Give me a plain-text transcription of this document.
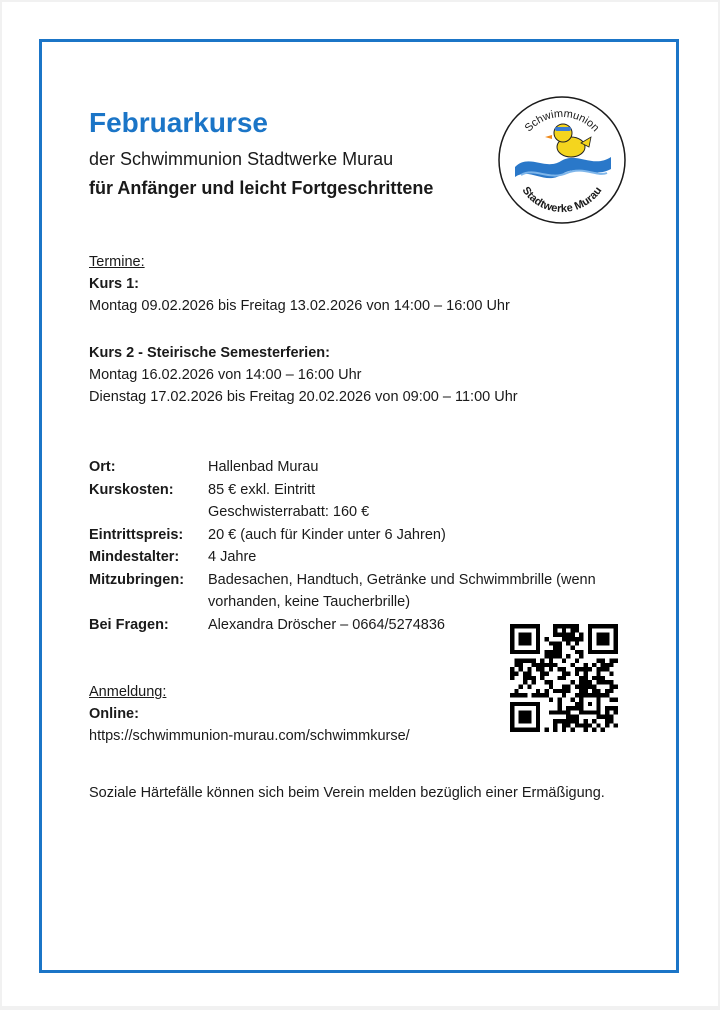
Februarkurse
der Schwimmunion Stadtwerke Murau
für Anfänger und leicht Fortgeschrittene
Schwimmunion
Stadtwerke Murau
Termine:
Kurs 1:
Montag 09.02.2026 bis Freitag 13.02.2026 von 14:00 – 16:00 Uhr
Kurs 2 - Steirische Semesterferien:
Montag 16.02.2026 von 14:00 – 16:00 Uhr
Dienstag 17.02.2026 bis Freitag 20.02.2026 von 09:00 – 11:00 Uhr
Ort:	Hallenbad Murau
Kurskosten:	85 € exkl. Eintritt
Geschwisterrabatt: 160 €
Eintrittspreis:	20 € (auch für Kinder unter 6 Jahren)
Mindestalter:	4 Jahre
Mitzubringen:	Badesachen, Handtuch, Getränke und Schwimmbrille (wenn
vorhanden, keine Taucherbrille)
Bei Fragen:	Alexandra Dröscher – 0664/5274836
Anmeldung:
Online:
https://schwimmunion-murau.com/schwimmkurse/
Soziale Härtefälle können sich beim Verein melden bezüglich einer Ermäßigung.
